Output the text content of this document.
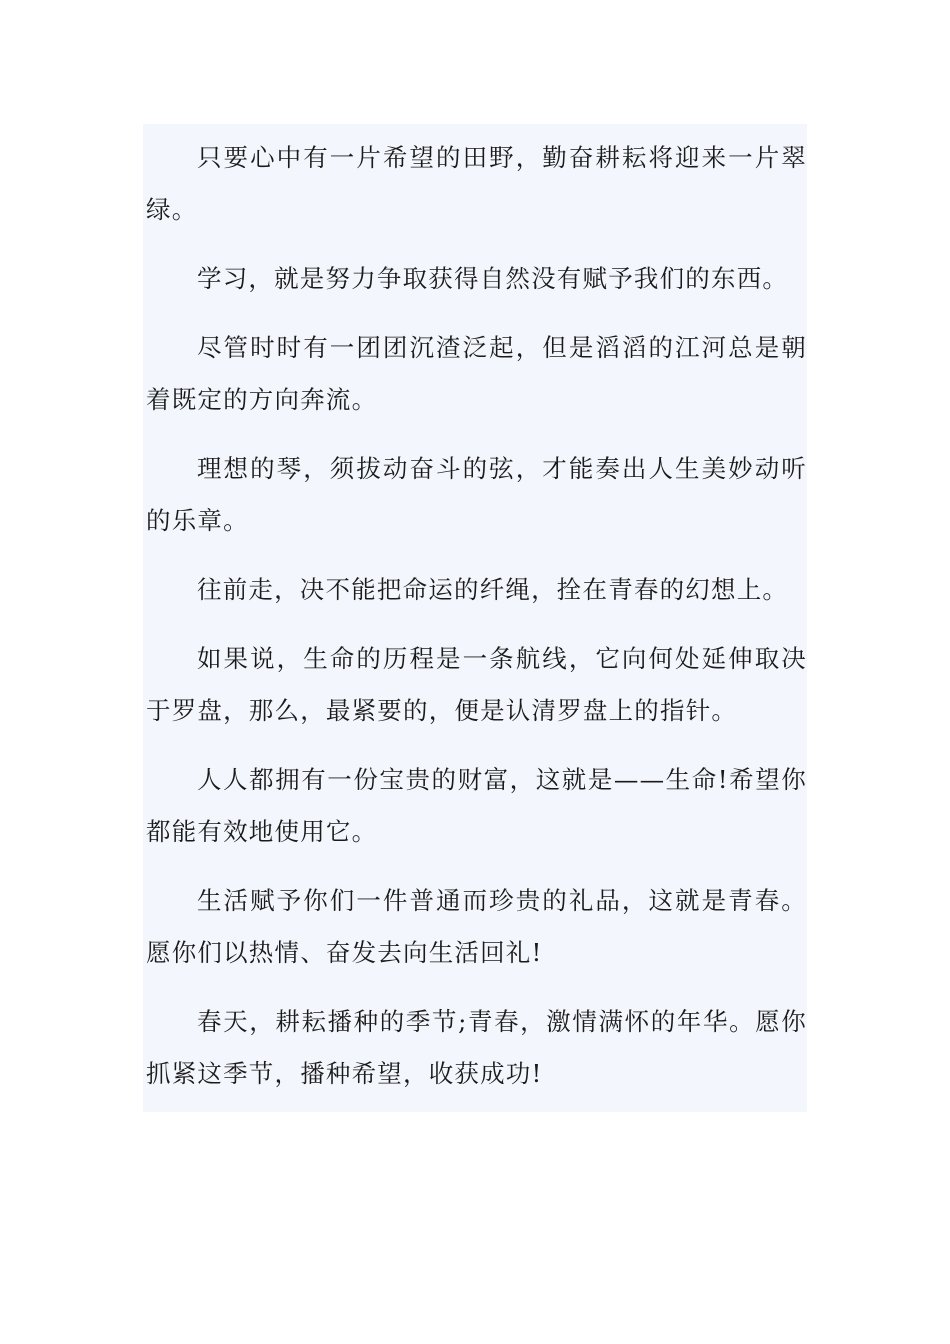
只要心中有一片希望的田野，勤奋耕耘将迎来一片翠绿。

学习，就是努力争取获得自然没有赋予我们的东西。

尽管时时有一团团沉渣泛起，但是滔滔的江河总是朝着既定的方向奔流。

理想的琴，须拔动奋斗的弦，才能奏出人生美妙动听的乐章。

往前走，决不能把命运的纤绳，拴在青春的幻想上。

如果说，生命的历程是一条航线，它向何处延伸取决于罗盘，那么，最紧要的，便是认清罗盘上的指针。

人人都拥有一份宝贵的财富，这就是——生命!希望你都能有效地使用它。

生活赋予你们一件普通而珍贵的礼品，这就是青春。愿你们以热情、奋发去向生活回礼!

春天，耕耘播种的季节;青春，激情满怀的年华。愿你抓紧这季节，播种希望，收获成功!
